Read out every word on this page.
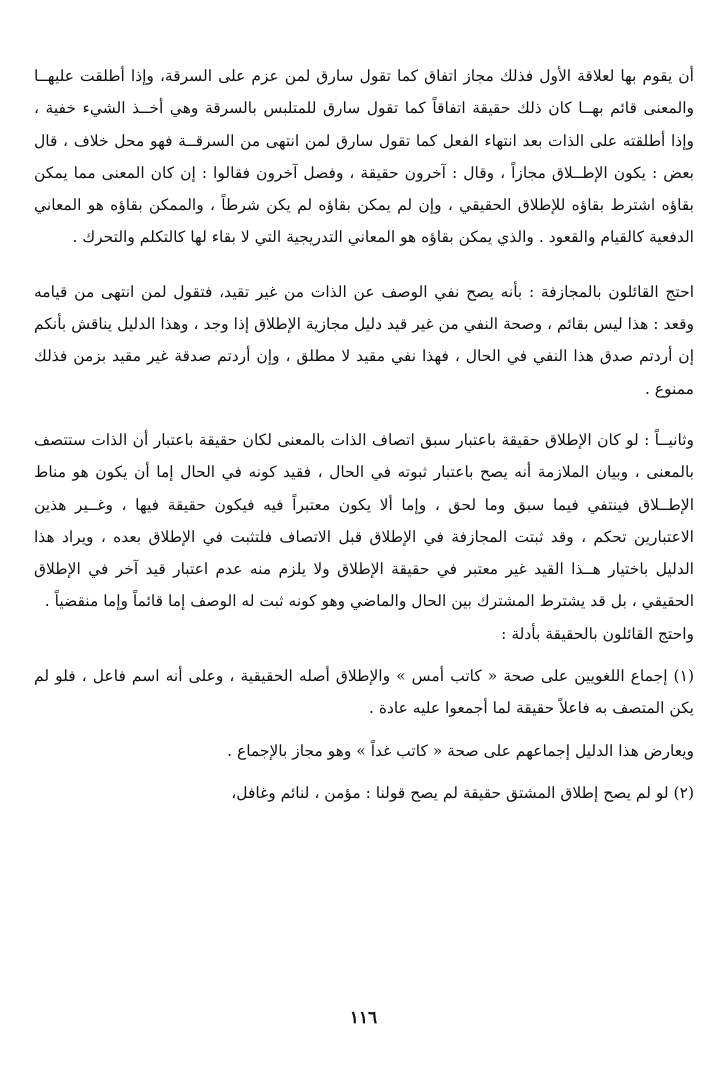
أن يقوم بها لعلاقة الأول فذلك مجاز اتفاق كما تقول سارق لمن عزم على السرقة، وإذا أطلقت عليهــا والمعنى قائم بهــا كان ذلك حقيقة اتفاقاً كما تقول سارق للمتلبس بالسرقة وهي أخــذ الشيء خفية ، وإذا أطلقته على الذات بعد انتهاء الفعل كما تقول سارق لمن انتهى من السرقــة فهو محل خلاف ، قال بعض : يكون الإطــلاق مجازاً ، وقال : آخرون حقيقة ، وفصل آخرون فقالوا : إن كان المعنى مما يمكن بقاؤه اشترط بقاؤه للإطلاق الحقيقي ، وإن لم يمكن بقاؤه لم يكن شرطاً ، والممكن بقاؤه هو المعاني الدفعية كالقيام والقعود . والذي يمكن بقاؤه هو المعاني التدريجية التي لا بقاء لها كالتكلم والتحرك .

احتج القائلون بالمجازفة : بأنه يصح نفي الوصف عن الذات من غير تقيد، فتقول لمن انتهى من قيامه وقعد : هذا ليس بقائم ، وصحة النفي من غير قيد دليل مجازية الإطلاق إذا وجد ، وهذا الدليل يناقش بأنكم إن أردتم صدق هذا النفي في الحال ، فهذا نفي مقيد لا مطلق ، وإن أردتم صدقة غير مقيد بزمن فذلك ممنوع .

وثانيــاً : لو كان الإطلاق حقيقة باعتبار سبق اتصاف الذات بالمعنى لكان حقيقة باعتبار أن الذات ستتصف بالمعنى ، وبيان الملازمة أنه يصح باعتبار ثبوته في الحال ، فقيد كونه في الحال إما أن يكون هو مناط الإطــلاق فينتفي فيما سبق وما لحق ، وإما ألا يكون معتبراً فيه فيكون حقيقة فيها ، وغــير هذين الاعتبارين تحكم ، وقد ثبتت المجازفة في الإطلاق قبل الاتصاف فلتثبت في الإطلاق بعده ، ويراد هذا الدليل باختيار هــذا القيد غير معتبر في حقيقة الإطلاق ولا يلزم منه عدم اعتبار قيد آخر في الإطلاق الحقيقي ، بل قد يشترط المشترك بين الحال والماضي وهو كونه ثبت له الوصف إما قائماً وإما منقضياً .

واحتج القائلون بالحقيقة بأدلة :

(١) إجماع اللغويين على صحة « كاتب أمس » والإطلاق أصله الحقيقية ، وعلى أنه اسم فاعل ، فلو لم يكن المتصف به فاعلاً حقيقة لما أجمعوا عليه عادة .

ويعارض هذا الدليل إجماعهم على صحة « كاتب غداً » وهو مجاز بالإجماع .

(٢) لو لم يصح إطلاق المشتق حقيقة لم يصح قولنا : مؤمن ، لنائم وغافل،

١١٦
